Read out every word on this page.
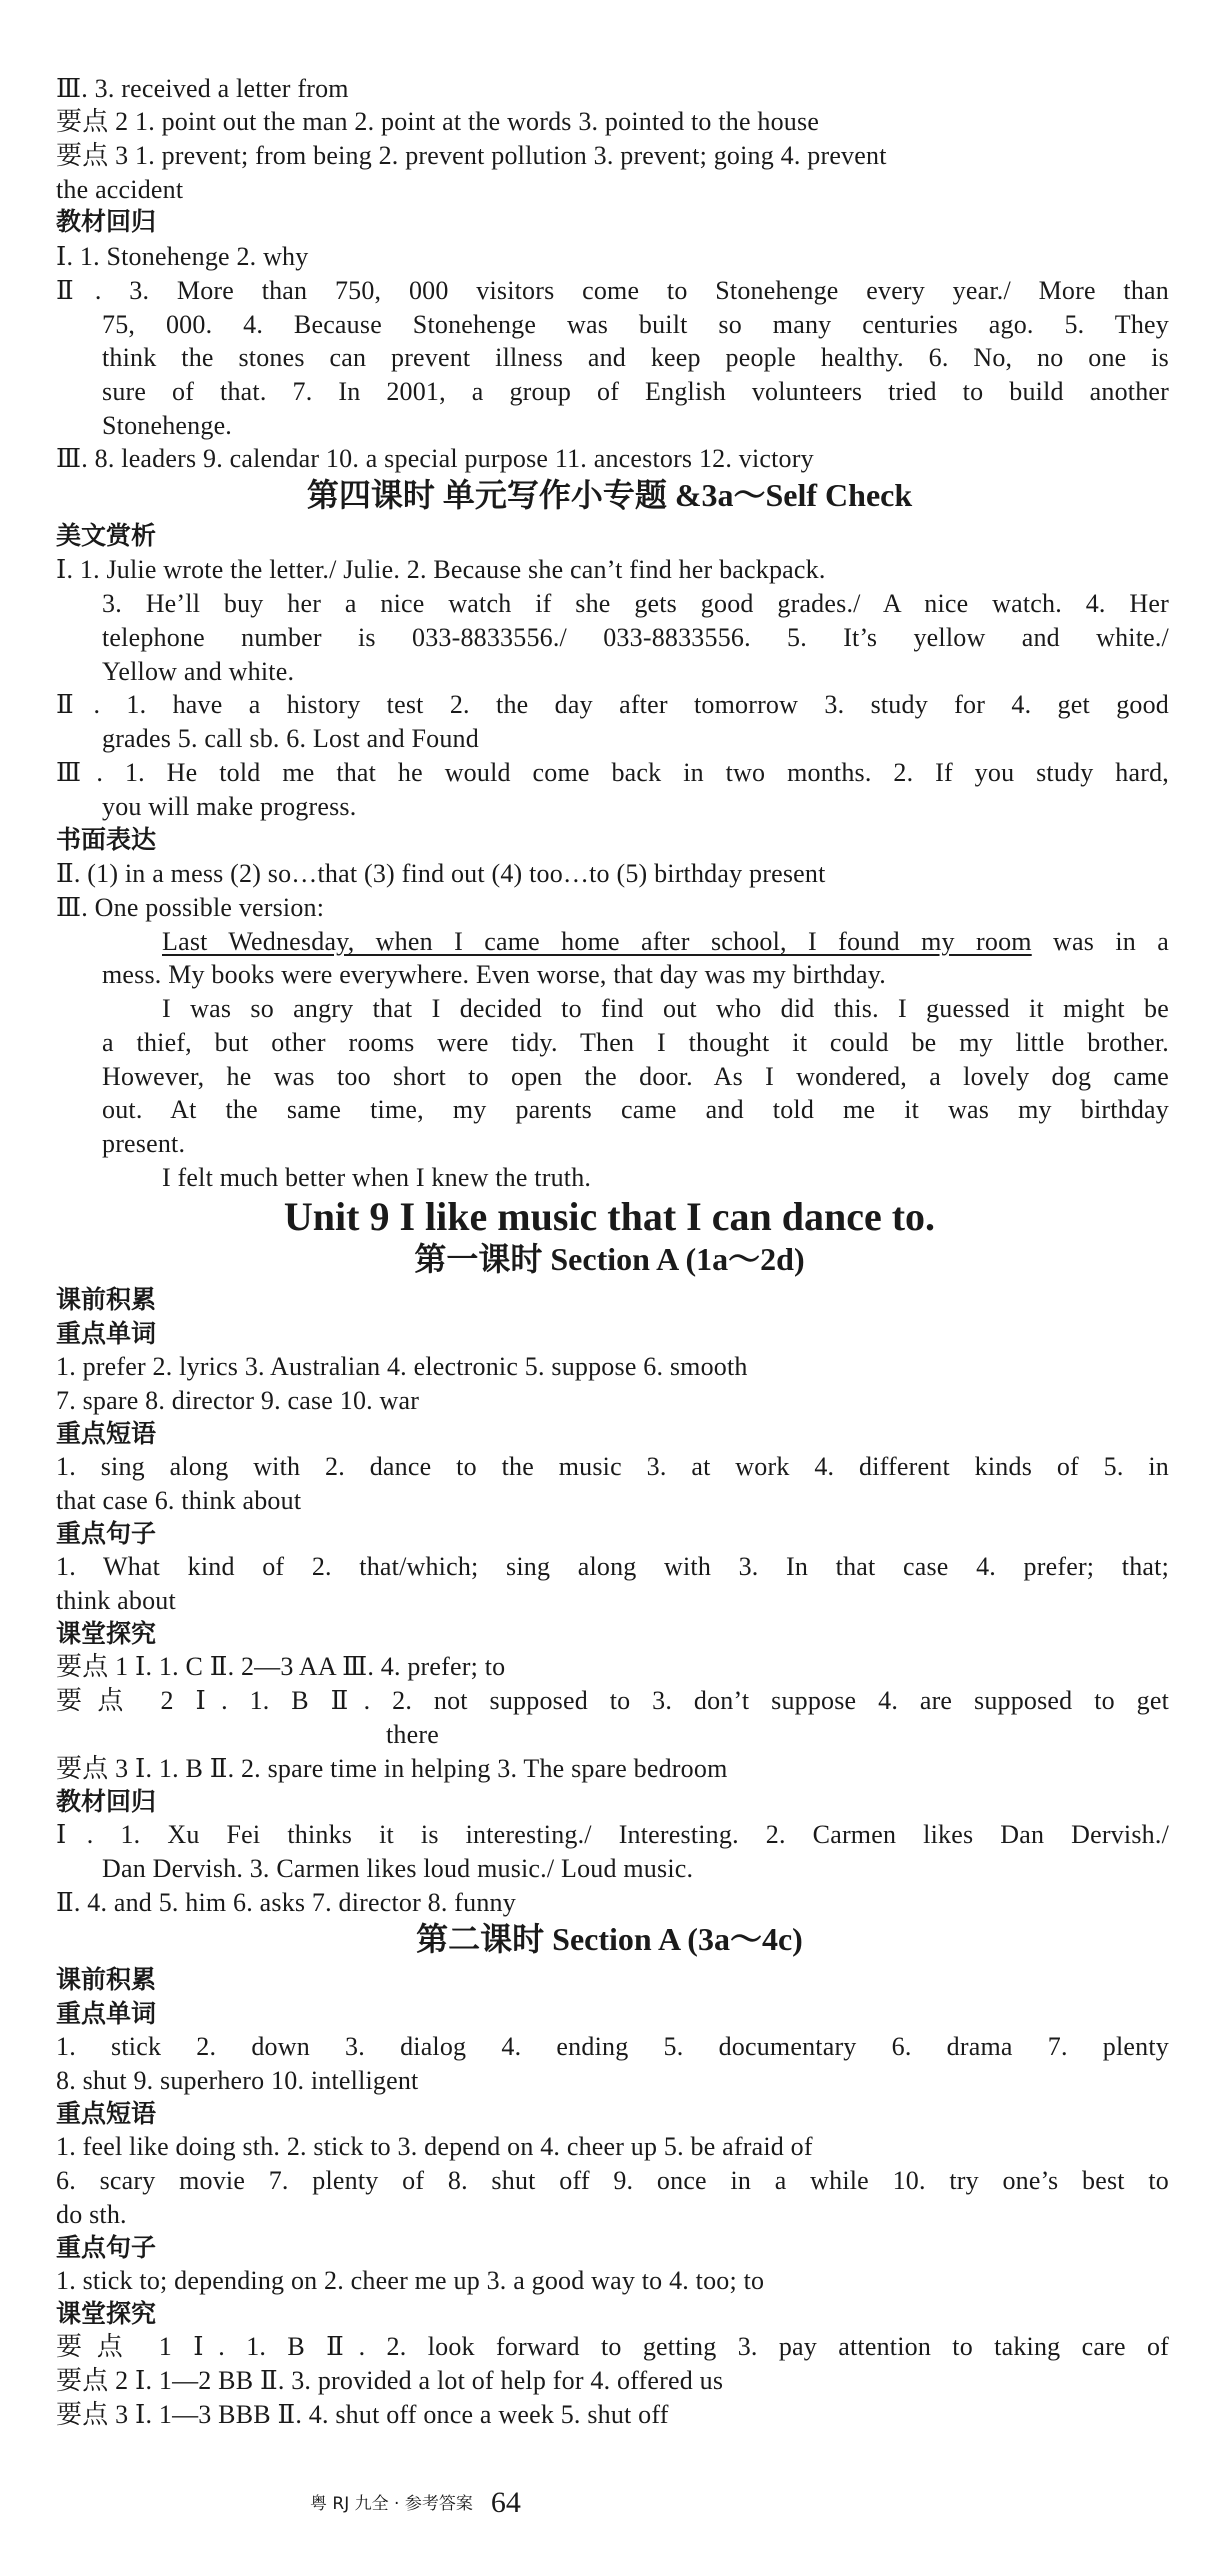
Ⅲ. 3. received a letter from
要点 2 1. point out the man 2. point at the words 3. pointed to the house
要点 3 1. prevent; from being 2. prevent pollution 3. prevent; going 4. prevent
the accident
教材回归
Ⅰ. 1. Stonehenge 2. why
Ⅱ. 3. More than 750, 000 visitors come to Stonehenge every year./ More than
75, 000. 4. Because Stonehenge was built so many centuries ago. 5. They
think the stones can prevent illness and keep people healthy. 6. No, no one is
sure of that. 7. In 2001, a group of English volunteers tried to build another
Stonehenge.
Ⅲ. 8. leaders 9. calendar 10. a special purpose 11. ancestors 12. victory
第四课时 单元写作小专题 &3a～Self Check
美文赏析
Ⅰ. 1. Julie wrote the letter./ Julie. 2. Because she can’t find her backpack.
3. He’ll buy her a nice watch if she gets good grades./ A nice watch. 4. Her
telephone number is 033-8833556./ 033-8833556. 5. It’s yellow and white./
Yellow and white.
Ⅱ. 1. have a history test 2. the day after tomorrow 3. study for 4. get good
grades 5. call sb. 6. Lost and Found
Ⅲ. 1. He told me that he would come back in two months. 2. If you study hard,
you will make progress.
书面表达
Ⅱ. (1) in a mess (2) so…that (3) find out (4) too…to (5) birthday present
Ⅲ. One possible version:
Last Wednesday, when I came home after school, I found my room was in a
mess. My books were everywhere. Even worse, that day was my birthday.
I was so angry that I decided to find out who did this. I guessed it might be
a thief, but other rooms were tidy. Then I thought it could be my little brother.
However, he was too short to open the door. As I wondered, a lovely dog came
out. At the same time, my parents came and told me it was my birthday
present.
I felt much better when I knew the truth.
Unit 9 I like music that I can dance to.
第一课时 Section A (1a～2d)
课前积累
重点单词
1. prefer 2. lyrics 3. Australian 4. electronic 5. suppose 6. smooth
7. spare 8. director 9. case 10. war
重点短语
1. sing along with 2. dance to the music 3. at work 4. different kinds of 5. in
that case 6. think about
重点句子
1. What kind of 2. that/which; sing along with 3. In that case 4. prefer; that;
think about
课堂探究
要点 1 Ⅰ. 1. C Ⅱ. 2—3 AA Ⅲ. 4. prefer; to
要点 2 Ⅰ. 1. B Ⅱ. 2. not supposed to 3. don’t suppose 4. are supposed to get
there
要点 3 Ⅰ. 1. B Ⅱ. 2. spare time in helping 3. The spare bedroom
教材回归
Ⅰ. 1. Xu Fei thinks it is interesting./ Interesting. 2. Carmen likes Dan Dervish./
Dan Dervish. 3. Carmen likes loud music./ Loud music.
Ⅱ. 4. and 5. him 6. asks 7. director 8. funny
第二课时 Section A (3a～4c)
课前积累
重点单词
1. stick 2. down 3. dialog 4. ending 5. documentary 6. drama 7. plenty
8. shut 9. superhero 10. intelligent
重点短语
1. feel like doing sth. 2. stick to 3. depend on 4. cheer up 5. be afraid of
6. scary movie 7. plenty of 8. shut off 9. once in a while 10. try one’s best to
do sth.
重点句子
1. stick to; depending on 2. cheer me up 3. a good way to 4. too; to
课堂探究
要点 1 Ⅰ. 1. B Ⅱ. 2. look forward to getting 3. pay attention to taking care of
要点 2 Ⅰ. 1—2 BB Ⅱ. 3. provided a lot of help for 4. offered us
要点 3 Ⅰ. 1—3 BBB Ⅱ. 4. shut off once a week 5. shut off
粤 RJ 九全 · 参考答案 64
